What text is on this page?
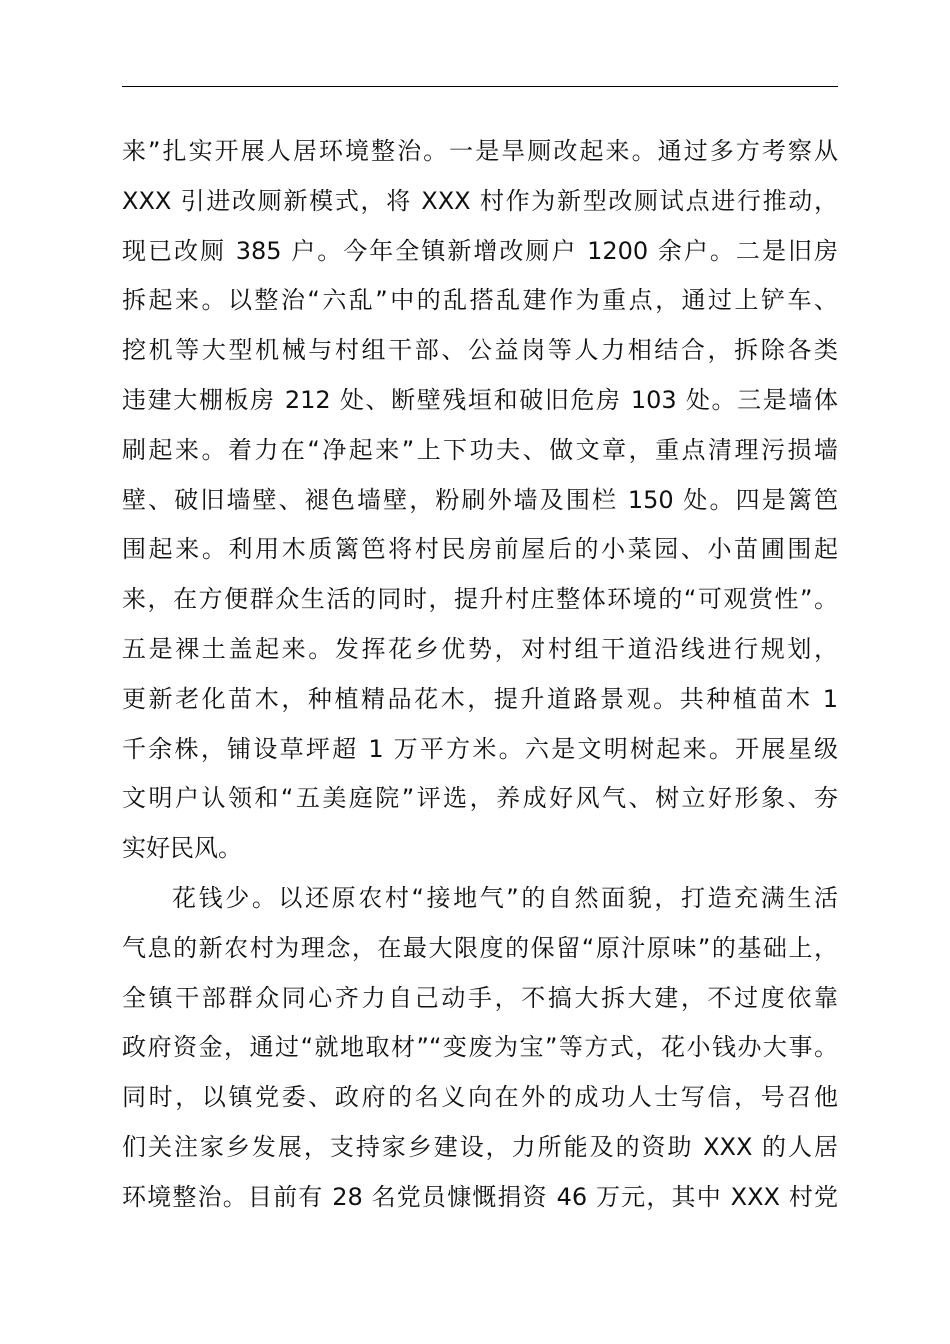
来”扎实开展人居环境整治。一是旱厕改起来。通过多方考察从
XXX 引进改厕新模式，将 XXX 村作为新型改厕试点进行推动，
现已改厕 385 户。今年全镇新增改厕户 1200 余户。二是旧房
拆起来。以整治“六乱”中的乱搭乱建作为重点，通过上铲车、
挖机等大型机械与村组干部、公益岗等人力相结合，拆除各类
违建大棚板房 212 处、断壁残垣和破旧危房 103 处。三是墙体
刷起来。着力在“净起来”上下功夫、做文章，重点清理污损墙
壁、破旧墙壁、褪色墙壁，粉刷外墙及围栏 150 处。四是篱笆
围起来。利用木质篱笆将村民房前屋后的小菜园、小苗圃围起
来，在方便群众生活的同时，提升村庄整体环境的“可观赏性”。
五是裸土盖起来。发挥花乡优势，对村组干道沿线进行规划，
更新老化苗木，种植精品花木，提升道路景观。共种植苗木 1
千余株，铺设草坪超 1 万平方米。六是文明树起来。开展星级
文明户认领和“五美庭院”评选，养成好风气、树立好形象、夯
实好民风。
花钱少。以还原农村“接地气”的自然面貌，打造充满生活
气息的新农村为理念，在最大限度的保留“原汁原味”的基础上，
全镇干部群众同心齐力自己动手，不搞大拆大建，不过度依靠
政府资金，通过“就地取材”“变废为宝”等方式，花小钱办大事。
同时，以镇党委、政府的名义向在外的成功人士写信，号召他
们关注家乡发展，支持家乡建设，力所能及的资助 XXX 的人居
环境整治。目前有 28 名党员慷慨捐资 46 万元，其中 XXX 村党
